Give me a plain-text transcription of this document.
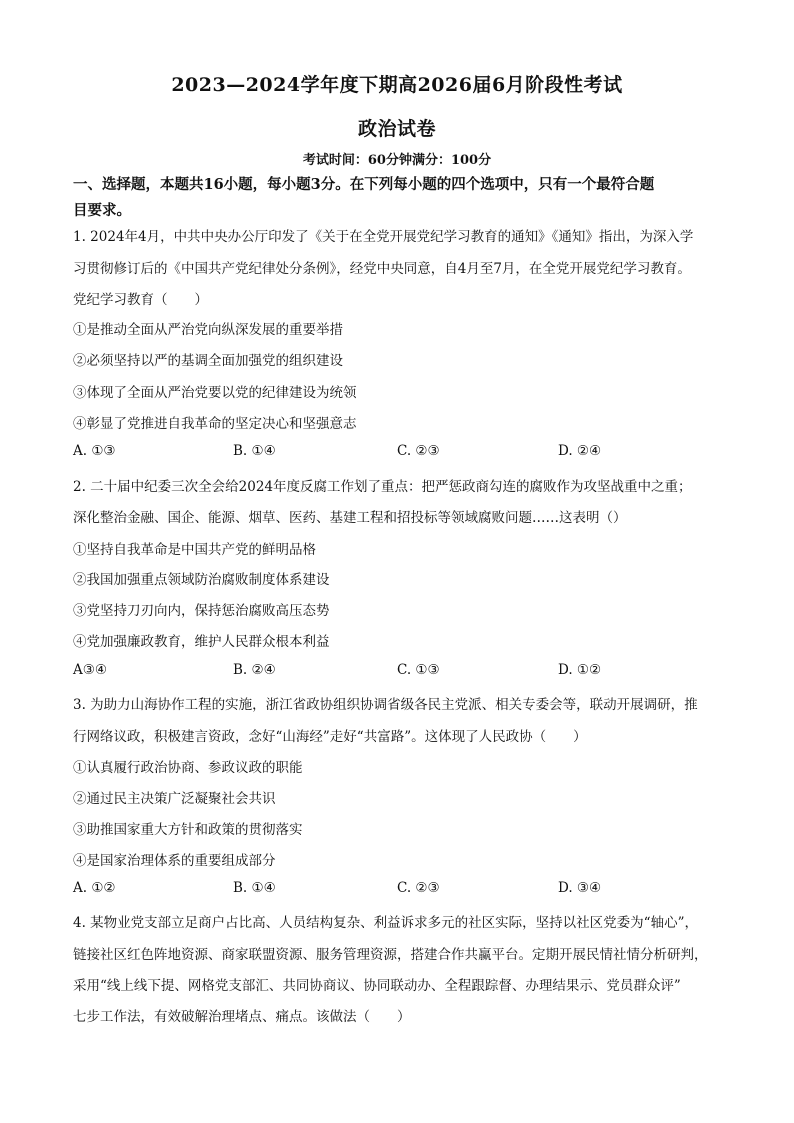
2023—2024学年度下期高2026届6月阶段性考试
政治试卷
考试时间：60分钟满分：100分
一、选择题，本题共16小题，每小题3分。在下列每小题的四个选项中，只有一个最符合题
目要求。
1. 2024年4月，中共中央办公厅印发了《关于在全党开展党纪学习教育的通知》《通知》指出，为深入学
习贯彻修订后的《中国共产党纪律处分条例》，经党中央同意，自4月至7月，在全党开展党纪学习教育。
党纪学习教育（　　）
①是推动全面从严治党向纵深发展的重要举措
②必须坚持以严的基调全面加强党的组织建设
③体现了全面从严治党要以党的纪律建设为统领
④彰显了党推进自我革命的坚定决心和坚强意志
A. ①③	B. ①④	C. ②③	D. ②④
2. 二十届中纪委三次全会给2024年度反腐工作划了重点：把严惩政商勾连的腐败作为攻坚战重中之重；
深化整治金融、国企、能源、烟草、医药、基建工程和招投标等领域腐败问题……这表明（）
①坚持自我革命是中国共产党的鲜明品格
②我国加强重点领域防治腐败制度体系建设
③党坚持刀刃向内，保持惩治腐败高压态势
④党加强廉政教育，维护人民群众根本利益
A③④	B. ②④	C. ①③	D. ①②
3. 为助力山海协作工程的实施，浙江省政协组织协调省级各民主党派、相关专委会等，联动开展调研，推
行网络议政，积极建言资政，念好“山海经”走好“共富路”。这体现了人民政协（　　）
①认真履行政治协商、参政议政的职能
②通过民主决策广泛凝聚社会共识
③助推国家重大方针和政策的贯彻落实
④是国家治理体系的重要组成部分
A. ①②	B. ①④	C. ②③	D. ③④
4. 某物业党支部立足商户占比高、人员结构复杂、利益诉求多元的社区实际，坚持以社区党委为“轴心”，
链接社区红色阵地资源、商家联盟资源、服务管理资源，搭建合作共赢平台。定期开展民情社情分析研判，
采用“线上线下提、网格党支部汇、共同协商议、协同联动办、全程跟踪督、办理结果示、党员群众评”
七步工作法，有效破解治理堵点、痛点。该做法（　　）
